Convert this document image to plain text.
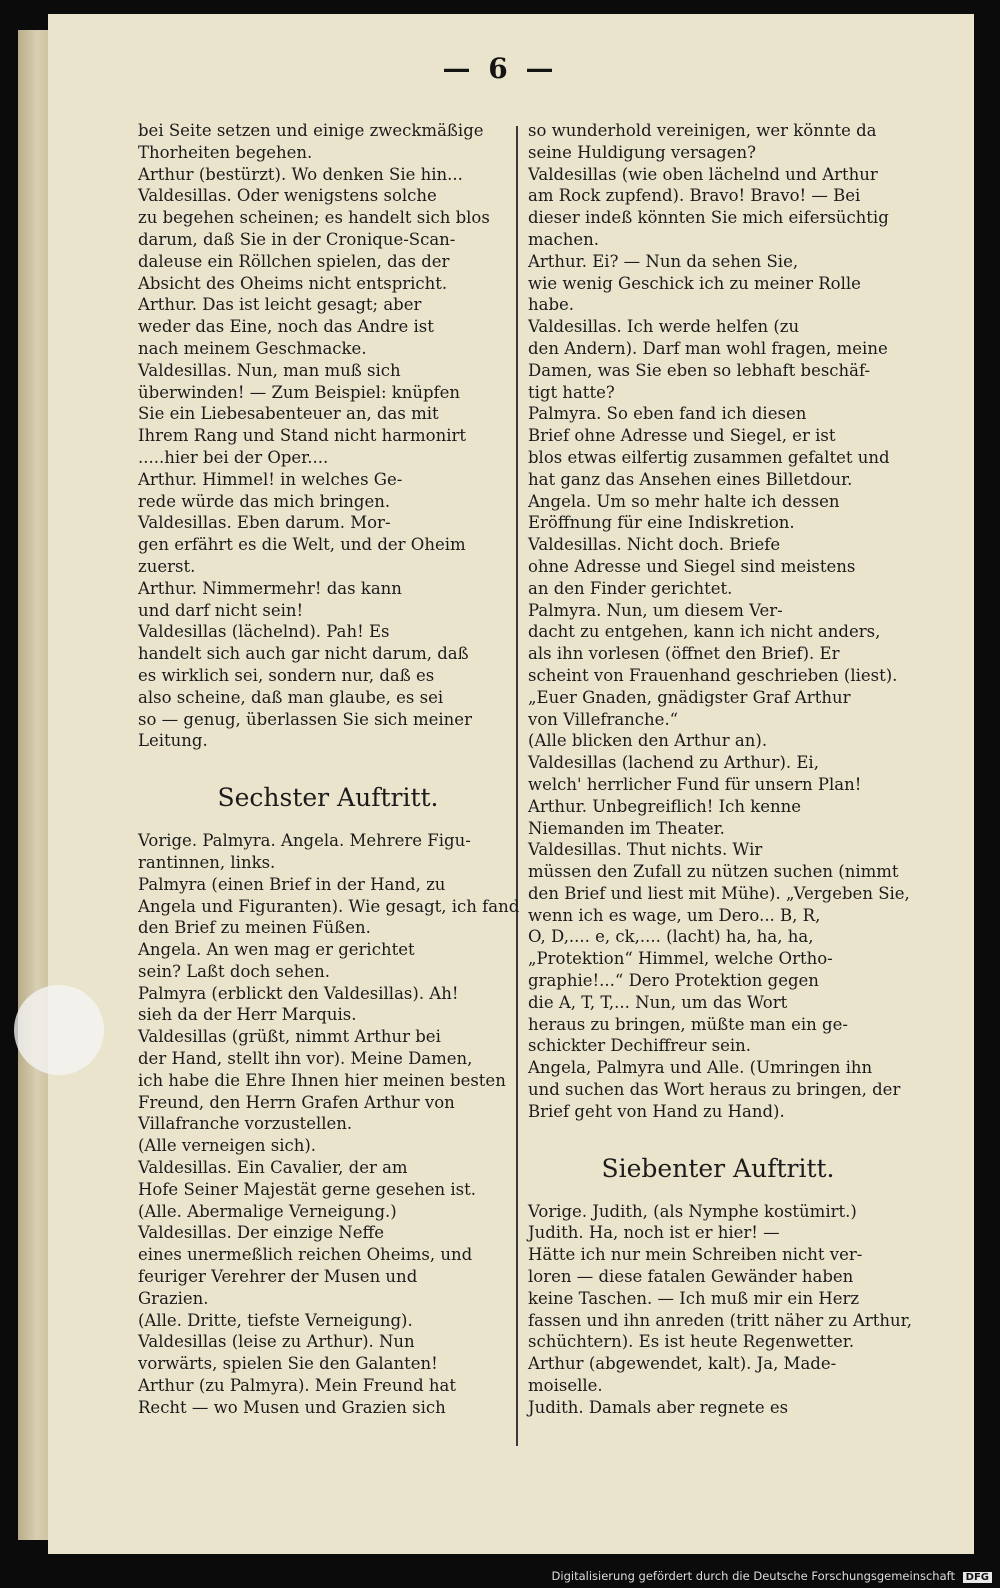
— 6 —
bei Seite setzen und einige zweckmäßige
Thorheiten begehen.
Arthur (bestürzt). Wo denken Sie hin...
Valdesillas. Oder wenigstens solche
zu begehen scheinen; es handelt sich blos
darum, daß Sie in der Cronique-Scan-
daleuse ein Röllchen spielen, das der
Absicht des Oheims nicht entspricht.
Arthur. Das ist leicht gesagt; aber
weder das Eine, noch das Andre ist
nach meinem Geschmacke.
Valdesillas. Nun, man muß sich
überwinden! — Zum Beispiel: knüpfen
Sie ein Liebesabenteuer an, das mit
Ihrem Rang und Stand nicht harmonirt
.....hier bei der Oper....
Arthur. Himmel! in welches Ge-
rede würde das mich bringen.
Valdesillas. Eben darum. Mor-
gen erfährt es die Welt, und der Oheim
zuerst.
Arthur. Nimmermehr! das kann
und darf nicht sein!
Valdesillas (lächelnd). Pah! Es
handelt sich auch gar nicht darum, daß
es wirklich sei, sondern nur, daß es
also scheine, daß man glaube, es sei
so — genug, überlassen Sie sich meiner
Leitung.
Sechster Auftritt.
Vorige. Palmyra. Angela. Mehrere Figu-
rantinnen, links.
Palmyra (einen Brief in der Hand, zu
Angela und Figuranten). Wie gesagt, ich fand
den Brief zu meinen Füßen.
Angela. An wen mag er gerichtet
sein? Laßt doch sehen.
Palmyra (erblickt den Valdesillas). Ah!
sieh da der Herr Marquis.
Valdesillas (grüßt, nimmt Arthur bei
der Hand, stellt ihn vor). Meine Damen,
ich habe die Ehre Ihnen hier meinen besten
Freund, den Herrn Grafen Arthur von
Villafranche vorzustellen.
(Alle verneigen sich).
Valdesillas. Ein Cavalier, der am
Hofe Seiner Majestät gerne gesehen ist.
(Alle. Abermalige Verneigung.)
Valdesillas. Der einzige Neffe
eines unermeßlich reichen Oheims, und
feuriger Verehrer der Musen und
Grazien.
(Alle. Dritte, tiefste Verneigung).
Valdesillas (leise zu Arthur). Nun
vorwärts, spielen Sie den Galanten!
Arthur (zu Palmyra). Mein Freund hat
Recht — wo Musen und Grazien sich
so wunderhold vereinigen, wer könnte da
seine Huldigung versagen?
Valdesillas (wie oben lächelnd und Arthur
am Rock zupfend). Bravo! Bravo! — Bei
dieser indeß könnten Sie mich eifersüchtig
machen.
Arthur. Ei? — Nun da sehen Sie,
wie wenig Geschick ich zu meiner Rolle
habe.
Valdesillas. Ich werde helfen (zu
den Andern). Darf man wohl fragen, meine
Damen, was Sie eben so lebhaft beschäf-
tigt hatte?
Palmyra. So eben fand ich diesen
Brief ohne Adresse und Siegel, er ist
blos etwas eilfertig zusammen gefaltet und
hat ganz das Ansehen eines Billetdour.
Angela. Um so mehr halte ich dessen
Eröffnung für eine Indiskretion.
Valdesillas. Nicht doch. Briefe
ohne Adresse und Siegel sind meistens
an den Finder gerichtet.
Palmyra. Nun, um diesem Ver-
dacht zu entgehen, kann ich nicht anders,
als ihn vorlesen (öffnet den Brief). Er
scheint von Frauenhand geschrieben (liest).
„Euer Gnaden, gnädigster Graf Arthur
von Villefranche.“
(Alle blicken den Arthur an).
Valdesillas (lachend zu Arthur). Ei,
welch' herrlicher Fund für unsern Plan!
Arthur. Unbegreiflich! Ich kenne
Niemanden im Theater.
Valdesillas. Thut nichts. Wir
müssen den Zufall zu nützen suchen (nimmt
den Brief und liest mit Mühe). „Vergeben Sie,
wenn ich es wage, um Dero... B, R,
O, D,.... e, ck,.... (lacht) ha, ha, ha,
„Protektion“ Himmel, welche Ortho-
graphie!...“ Dero Protektion gegen
die A, T, T,... Nun, um das Wort
heraus zu bringen, müßte man ein ge-
schickter Dechiffreur sein.
Angela, Palmyra und Alle. (Umringen ihn
und suchen das Wort heraus zu bringen, der
Brief geht von Hand zu Hand).
Siebenter Auftritt.
Vorige. Judith, (als Nymphe kostümirt.)
Judith. Ha, noch ist er hier! —
Hätte ich nur mein Schreiben nicht ver-
loren — diese fatalen Gewänder haben
keine Taschen. — Ich muß mir ein Herz
fassen und ihn anreden (tritt näher zu Arthur,
schüchtern). Es ist heute Regenwetter.
Arthur (abgewendet, kalt). Ja, Made-
moiselle.
Judith. Damals aber regnete es
Digitalisierung gefördert durch die Deutsche Forschungsgemeinschaft DFG
